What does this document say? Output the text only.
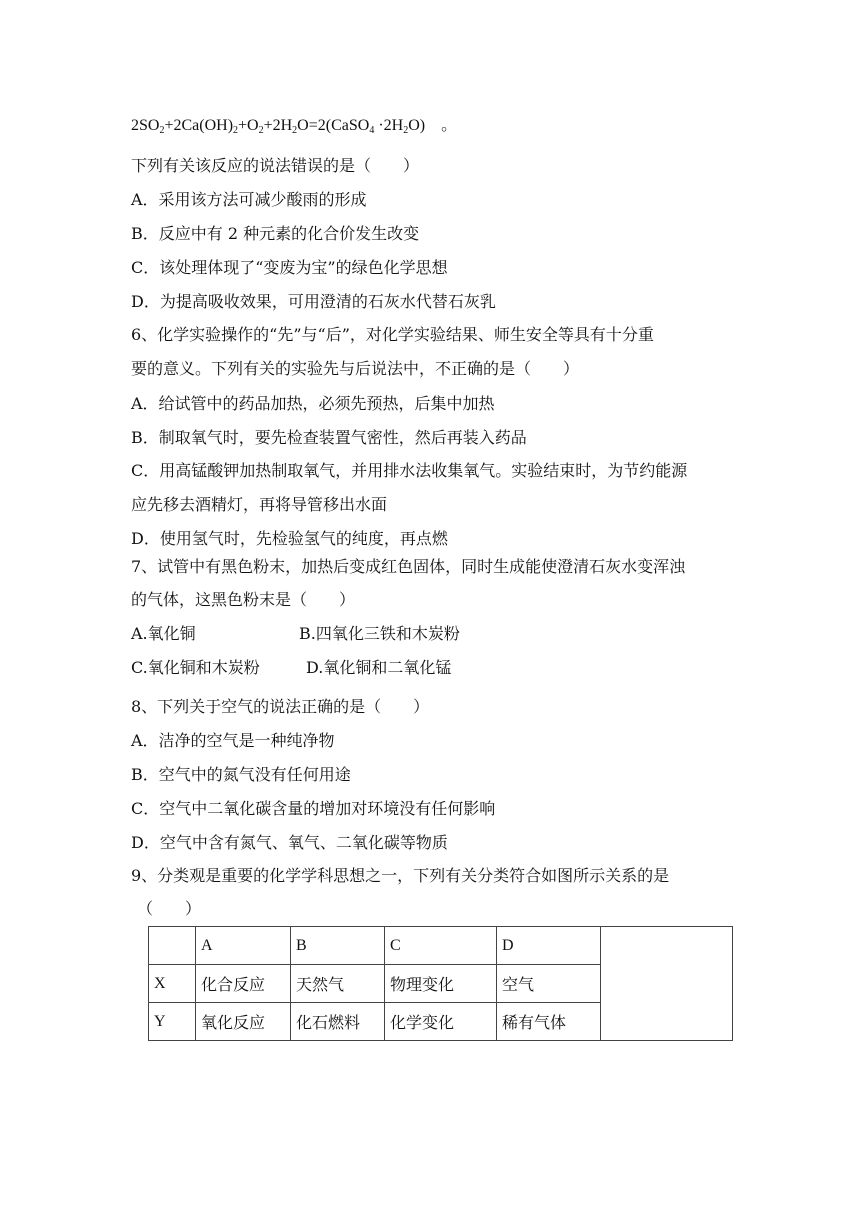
$2SO_2+2Ca(OH)_2+O_2+2H_2O=2(CaSO_4 \cdot 2H_2O)$　。
下列有关该反应的说法错误的是（　　）
A．采用该方法可减少酸雨的形成
B．反应中有 2 种元素的化合价发生改变
C．该处理体现了“变废为宝”的绿色化学思想
D．为提高吸收效果，可用澄清的石灰水代替石灰乳
6、化学实验操作的“先”与“后”，对化学实验结果、师生安全等具有十分重
要的意义。下列有关的实验先与后说法中，不正确的是（　　）
A．给试管中的药品加热，必须先预热，后集中加热
B．制取氧气时，要先检查装置气密性，然后再装入药品
C．用高锰酸钾加热制取氧气，并用排水法收集氧气。实验结束时，为节约能源
应先移去酒精灯，再将导管移出水面
D．使用氢气时，先检验氢气的纯度，再点燃
7、试管中有黑色粉末，加热后变成红色固体，同时生成能使澄清石灰水变浑浊
的气体，这黑色粉末是（　　）
A.氧化铜	B.四氧化三铁和木炭粉
C.氧化铜和木炭粉	D.氧化铜和二氧化锰
8、下列关于空气的说法正确的是（　　）
A．洁净的空气是一种纯净物
B．空气中的氮气没有任何用途
C．空气中二氧化碳含量的增加对环境没有任何影响
D．空气中含有氮气、氧气、二氧化碳等物质
9、分类观是重要的化学学科思想之一，下列有关分类符合如图所示关系的是
（　　）
	A	B	C	D	
X	化合反应	天然气	物理变化	空气	
Y	氧化反应	化石燃料	化学变化	稀有气体	
